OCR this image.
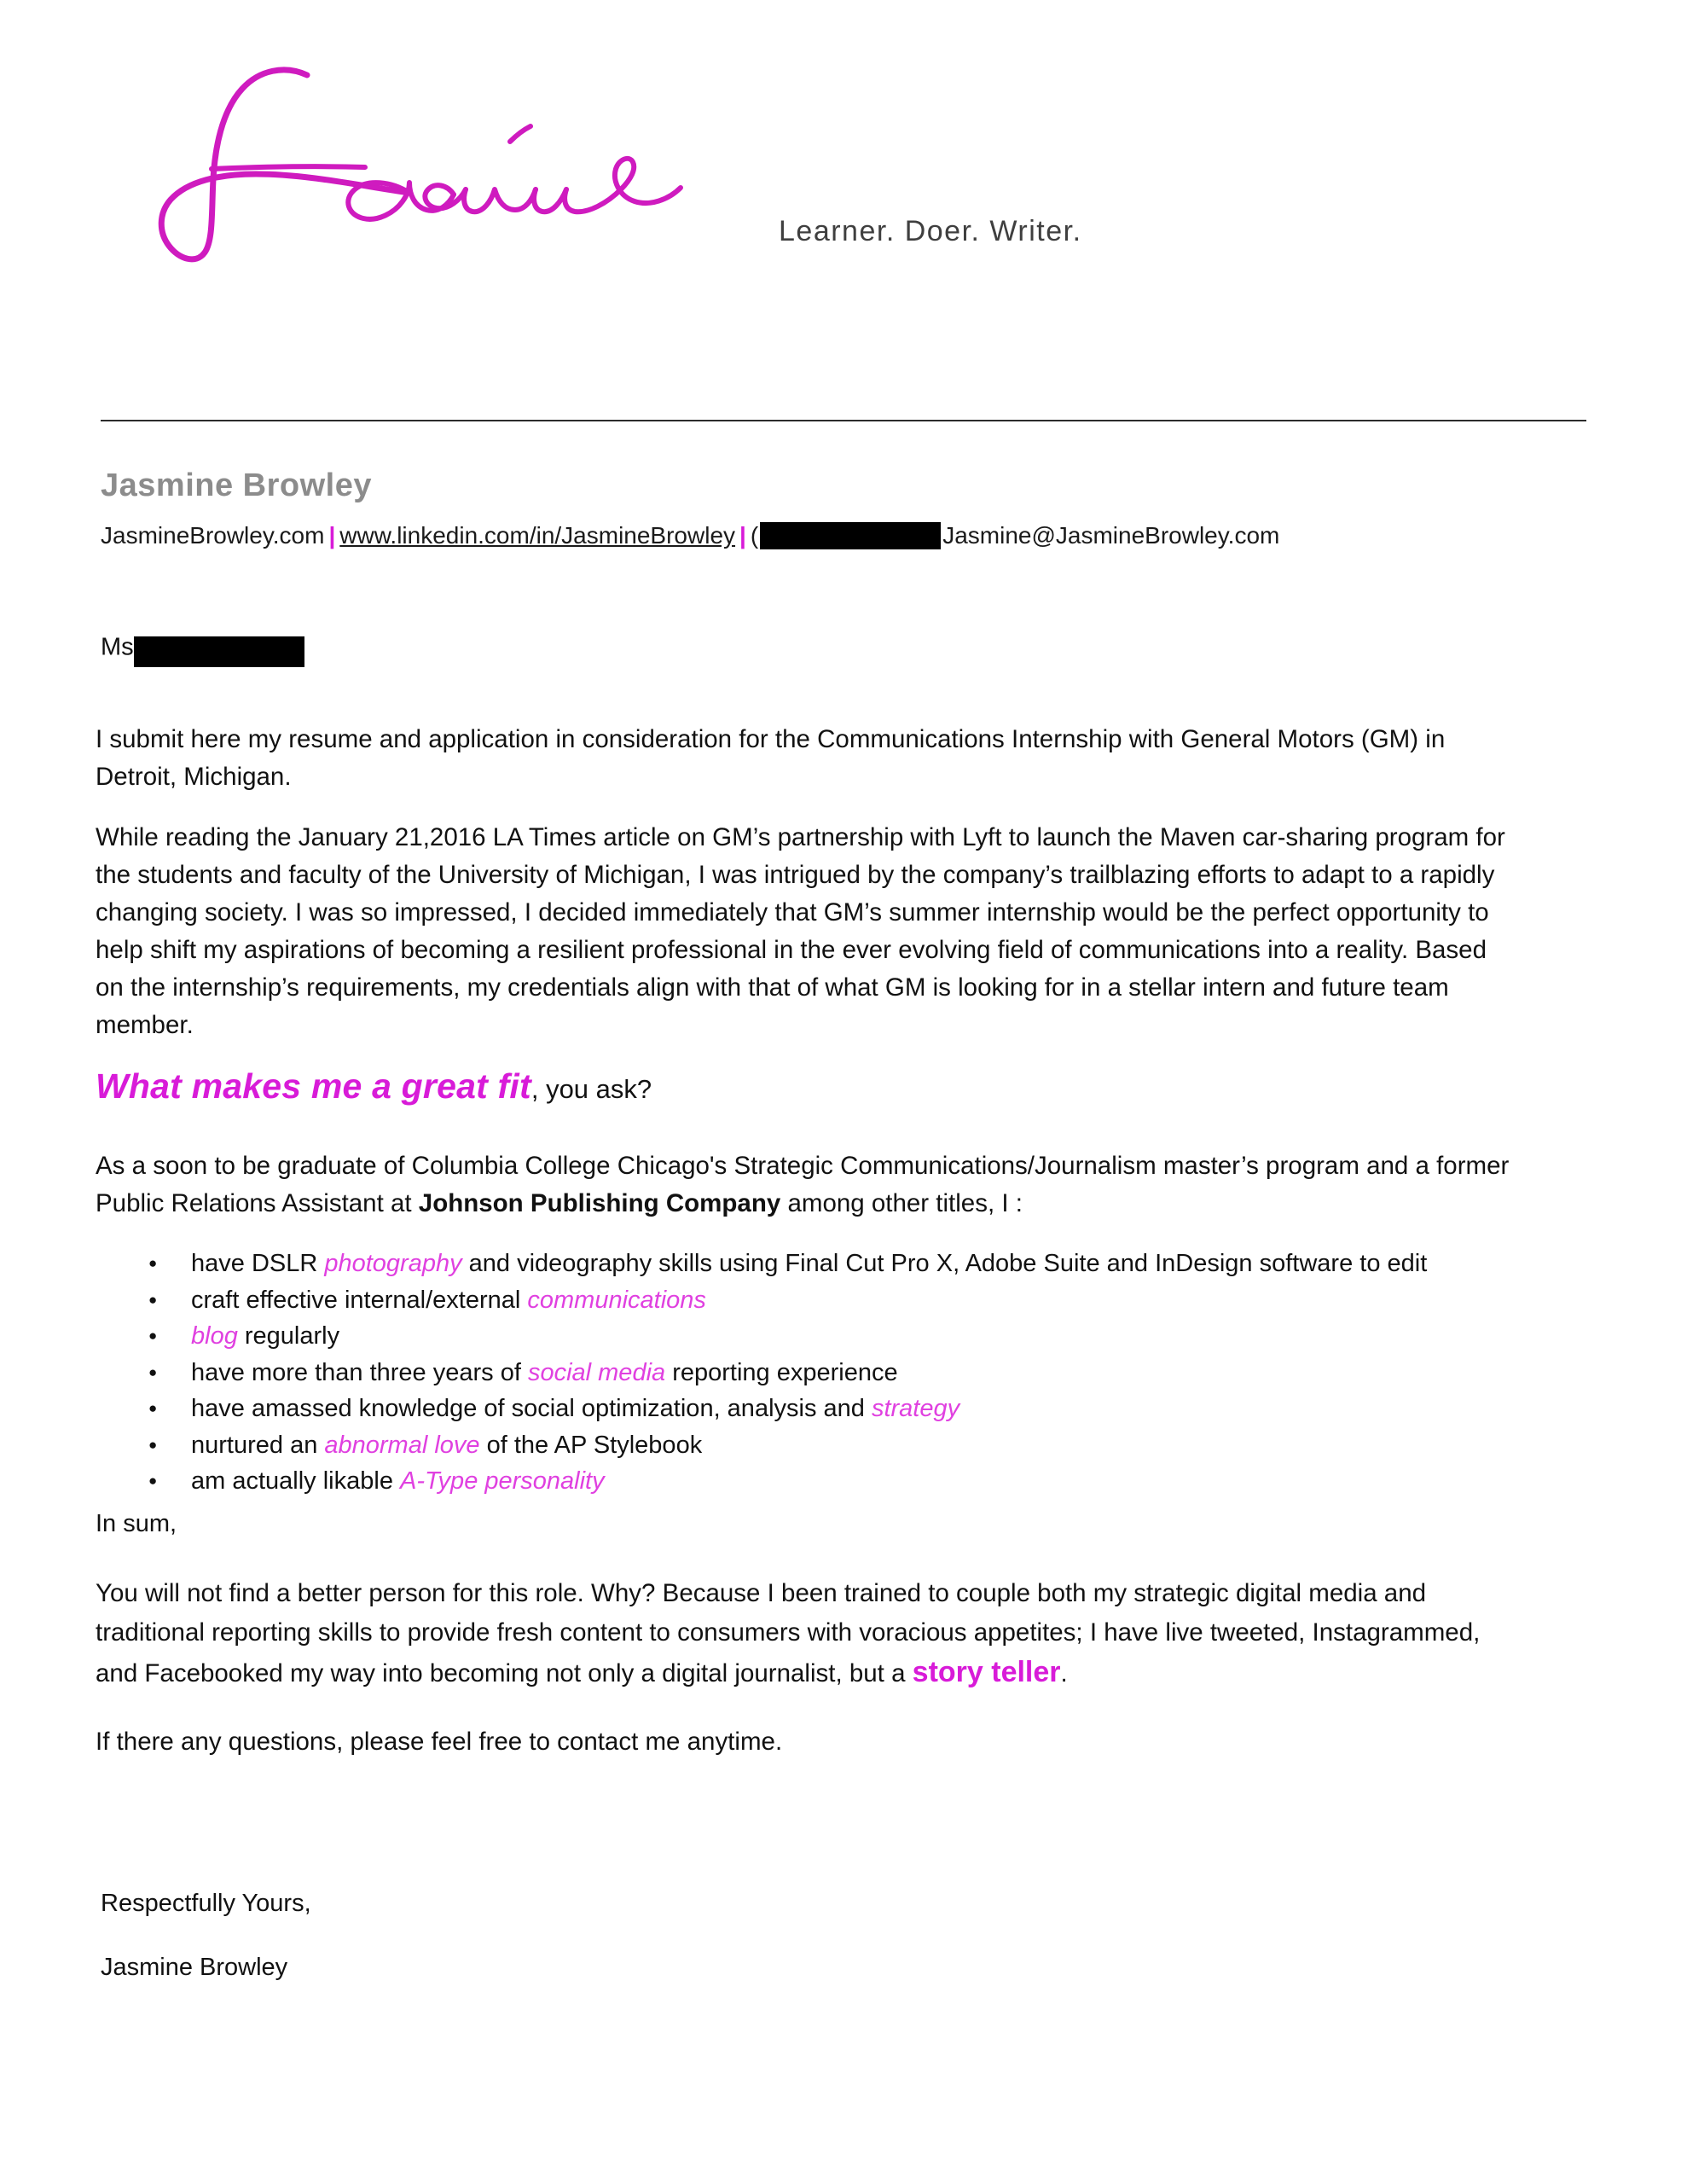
Learner. Doer. Writer.
Jasmine Browley
JasmineBrowley.com | www.linkedin.com/in/JasmineBrowley | (	Jasmine@JasmineBrowley.com
Ms
I submit here my resume and application in consideration for the Communications Internship with General Motors (GM) in Detroit, Michigan.
While reading the January 21,2016 LA Times article on GM’s partnership with Lyft to launch the Maven car-sharing program for the students and faculty of the University of Michigan, I was intrigued by the company’s trailblazing efforts to adapt to a rapidly changing society. I was so impressed, I decided immediately that GM’s summer internship would be the perfect opportunity to help shift my aspirations of becoming a resilient professional in the ever evolving field of communications into a reality. Based on the internship’s requirements, my credentials align with that of what GM is looking for in a stellar intern and future team member.
What makes me a great fit, you ask?
As a soon to be graduate of Columbia College Chicago's Strategic Communications/Journalism master’s program and a former Public Relations Assistant at Johnson Publishing Company among other titles, I :
● have DSLR photography and videography skills using Final Cut Pro X, Adobe Suite and InDesign software to edit
● craft effective internal/external communications
● blog regularly
● have more than three years of social media reporting experience
● have amassed knowledge of social optimization, analysis and strategy
● nurtured an abnormal love of the AP Stylebook
● am actually likable A-Type personality
In sum,
You will not find a better person for this role. Why? Because I been trained to couple both my strategic digital media and traditional reporting skills to provide fresh content to consumers with voracious appetites; I have live tweeted, Instagrammed, and Facebooked my way into becoming not only a digital journalist, but a story teller.
If there any questions, please feel free to contact me anytime.
Respectfully Yours,
Jasmine Browley
